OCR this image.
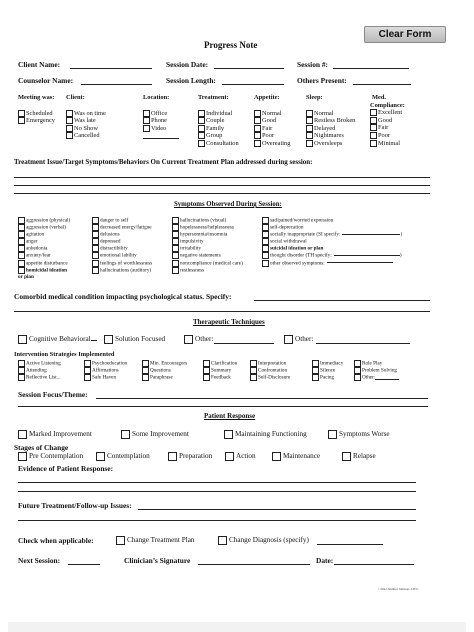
Clear Form
Progress Note
Client Name:	Session Date:	Session #:
Counselor Name:	Session Length:	Others Present:
Meeting was:
Scheduled
Emergency
Client:
Was on time
Was late
No Show
Cancelled
Location:
Office
Phone
Video
Treatment:
Individual
Couple
Family
Group
Consultation
Appetite:
Normal
Good
Fair
Poor
Overeating
Sleep:
Normal
Restless Broken
Delayed
Nightmares
Oversleeps
Med.
Compliance:
Excellent
Good
Fair
Poor
Minimal
Treatment Issue/Target Symptoms/Behaviors On Current Treatment Plan addressed during session:
Symptoms Observed During Session:
aggression (physical)
aggression (verbal)
agitation
anger
anhedonia
anxiety/fear
appetite disturbance
homicidal ideation
or plan
danger to self
decreased energy/fatigue
delusions
depressed
distractibility
emotional lability
feelings of worthlessness
hallucinations (auditory)
hallucinations (visual)
hopelessness/helplessness
hypersomnia/insomnia
impulsivity
irritability
negative statements
noncompliance (medical care)
restlessness
sad/pained/worried expression
self-deprecation
socially inappropriate (SI specify:	)
social withdrawal
suicidal ideation or plan
thought disorder (TH specify:	)
other observed symptoms:
Comorbid medical condition impacting psychological status. Specify:
Therapeutic Techniques
Cognitive Behavioral	Solution Focused	Other:	Other:
Intervention Strategies Implemented
Active Listening	Psychoeducation	Min. Encouragers	Clarification	Interpretation	Immediacy	Role Play
Attending	Affirmations	Questions	Summary	Confrontation	Silence	Problem Solving
Reflective List...	Safe Haven	Paraphrase	Feedback	Self-Disclosure	Pacing	Other:
Session Focus/Theme:
Patient Response
Marked Improvement	Some Improvement	Maintaining Functioning	Symptoms Worse
Stages of Change
Pre Contemplation	Contemplation	Preparation	Action	Maintenance	Relapse
Evidence of Patient Response:
Future Treatment/Follow-up Issues:
Check when applicable:	Change Treatment Plan	Change Diagnosis (specify)
Next Session:	Clinician’s Signature	Date:
©2022 Jennifer Johnson, LPCC
